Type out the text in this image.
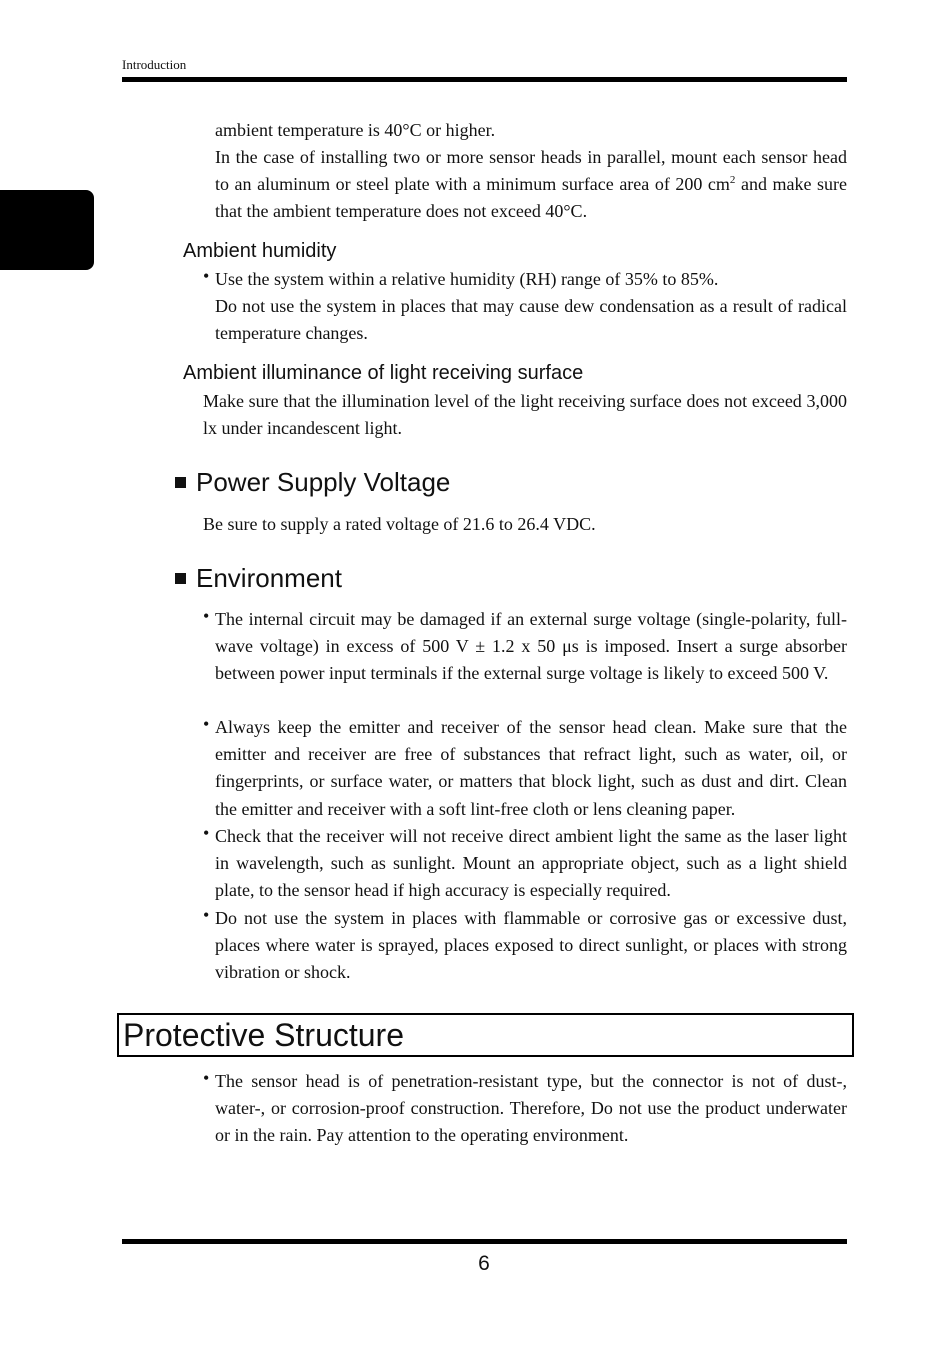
Introduction

ambient temperature is 40°C or higher.

In the case of installing two or more sensor heads in parallel, mount each sensor head to an aluminum or steel plate with a minimum surface area of 200 $cm^2$ and make sure that the ambient temperature does not exceed 40°C.

Ambient humidity
• Use the system within a relative humidity (RH) range of 35% to 85%.

Do not use the system in places that may cause dew condensation as a result of radical temperature changes.

Ambient illuminance of light receiving surface

Make sure that the illumination level of the light receiving surface does not exceed 3,000 lx under incandescent light.

Power Supply Voltage

Be sure to supply a rated voltage of 21.6 to 26.4 VDC.

Environment
• The internal circuit may be damaged if an external surge voltage (single-polarity, full-wave voltage) in excess of 500 V ± 1.2 x 50 μs is imposed. Insert a surge absorber between power input terminals if the external surge voltage is likely to exceed 500 V.

• Always keep the emitter and receiver of the sensor head clean. Make sure that the emitter and receiver are free of substances that refract light, such as water, oil, or fingerprints, or surface water, or matters that block light, such as dust and dirt. Clean the emitter and receiver with a soft lint-free cloth or lens cleaning paper.

• Check that the receiver will not receive direct ambient light the same as the laser light in wavelength, such as sunlight. Mount an appropriate object, such as a light shield plate, to the sensor head if high accuracy is especially required.

• Do not use the system in places with flammable or corrosive gas or excessive dust, places where water is sprayed, places exposed to direct sunlight, or places with strong vibration or shock.

Protective Structure
• The sensor head is of penetration-resistant type, but the connector is not of dust-, water-, or corrosion-proof construction. Therefore, Do not use the product underwater or in the rain. Pay attention to the operating environment.

6
